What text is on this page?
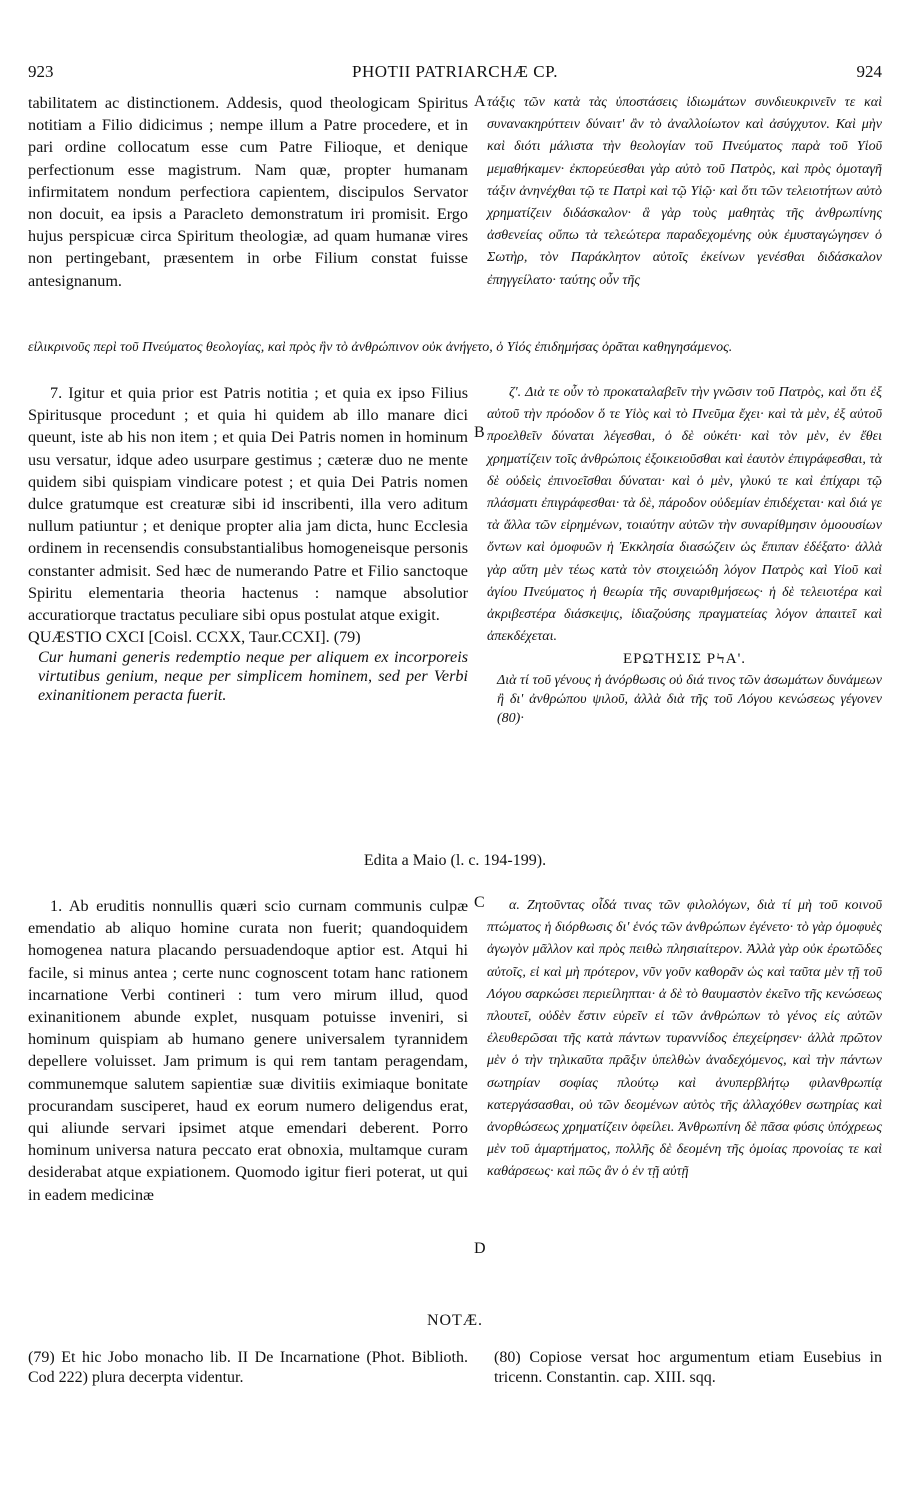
923	PHOTII PATRIARCHÆ CP.	924

tabilitatem ac distinctionem. Addesis, quod theologicam Spiritus notitiam a Filio didicimus ; nempe illum a Patre procedere, et in pari ordine collocatum esse cum Patre Filioque, et denique perfectionum esse magistrum. Nam quæ, propter humanam infirmitatem nondum perfectiora capientem, discipulos Servator non docuit, ea ipsis a Paracleto demonstratum iri promisit. Ergo hujus perspicuæ circa Spiritum theologiæ, ad quam humanæ vires non pertingebant, præsentem in orbe Filium constat fuisse antesignanum.

A τάξις τῶν κατὰ τὰς ὑποστάσεις ἰδιωμάτων συνδιευκρινεῖν τε καὶ συνανακηρύττειν δύναιτ' ἂν τὸ ἀναλλοίωτον καὶ ἀσύγχυτον. Καὶ μὴν καὶ διότι μάλιστα τὴν θεολογίαν τοῦ Πνεύματος παρὰ τοῦ Υἱοῦ μεμαθήκαμεν· ἐκπορεύεσθαι γὰρ αὐτὸ τοῦ Πατρὸς, καὶ πρὸς ὁμοταγῆ τάξιν ἀνηνέχθαι τῷ τε Πατρὶ καὶ τῷ Υἱῷ· καὶ ὅτι τῶν τελειοτήτων αὐτὸ χρηματίζειν διδάσκαλον· ἃ γὰρ τοὺς μαθητὰς τῆς ἀνθρωπίνης ἀσθενείας οὔπω τὰ τελεώτερα παραδεχομένης οὐκ ἐμυσταγώγησεν ὁ Σωτὴρ, τὸν Παράκλητον αὐτοῖς ἐκείνων γενέσθαι διδάσκαλον ἐπηγγείλατο· ταύτης οὖν τῆς

εἰλικρινοῦς περὶ τοῦ Πνεύματος θεολογίας, καὶ πρὸς ἣν τὸ ἀνθρώπινον οὐκ ἀνήγετο, ὁ Υἱός ἐπιδημήσας ὁρᾶται καθηγησάμενος.

7. Igitur et quia prior est Patris notitia ; et quia ex ipso Filius Spiritusque procedunt ; et quia hi quidem ab illo manare dici queunt, iste ab his non item ; et quia Dei Patris nomen in hominum usu versatur, idque adeo usurpare gestimus ; cæteræ duo ne mente quidem sibi quispiam vindicare potest ; et quia Dei Patris nomen dulce gratumque est creaturæ sibi id inscribenti, illa vero aditum nullum patiuntur ; et denique propter alia jam dicta, hunc Ecclesia ordinem in recensendis consubstantialibus homogeneisque personis constanter admisit. Sed hæc de numerando Patre et Filio sanctoque Spiritu elementaria theoria hactenus : namque absolutior accuratiorque tractatus peculiare sibi opus postulat atque exigit.

QUÆSTIO CXCI [Coisl. CCXX, Taur.CCXI]. (79)

Cur humani generis redemptio neque per aliquem ex incorporeis virtutibus genium, neque per simplicem hominem, sed per Verbi exinanitionem peracta fuerit.

B

ζ'. Διὰ τε οὖν τὸ προκαταλαβεῖν τὴν γνῶσιν τοῦ Πατρὸς, καὶ ὅτι ἐξ αὐτοῦ τὴν πρόοδον ὅ τε Υἱὸς καὶ τὸ Πνεῦμα ἔχει· καὶ τὰ μὲν, ἐξ αὐτοῦ προελθεῖν δύναται λέγεσθαι, ὁ δὲ οὐκέτι· καὶ τὸν μὲν, ἐν ἔθει χρηματίζειν τοῖς ἀνθρώποις ἐξοικειοῦσθαι καὶ ἑαυτὸν ἐπιγράφεσθαι, τὰ δὲ οὐδεὶς ἐπινοεῖσθαι δύναται· καὶ ὁ μὲν, γλυκύ τε καὶ ἐπίχαρι τῷ πλάσματι ἐπιγράφεσθαι· τὰ δὲ, πάροδον οὐδεμίαν ἐπιδέχεται· καὶ διά γε τὰ ἄλλα τῶν εἰρημένων, τοιαύτην αὐτῶν τὴν συναρίθμησιν ὁμοουσίων ὄντων καὶ ὁμοφυῶν ἡ Ἐκκλησία διασώζειν ὡς ἔπιπαν ἐδέξατο· ἀλλὰ γὰρ αὕτη μὲν τέως κατὰ τὸν στοιχειώδη λόγον Πατρὸς καὶ Υἱοῦ καὶ ἁγίου Πνεύματος ἡ θεωρία τῆς συναριθμήσεως· ἡ δὲ τελειοτέρα καὶ ἀκριβεστέρα διάσκεψις, ἰδιαζούσης πραγματείας λόγον ἀπαιτεῖ καὶ ἀπεκδέχεται.

ΕΡΩΤΗΣΙΣ ΡϞΑ'.

Διὰ τί τοῦ γένους ἡ ἀνόρθωσις οὐ διά τινος τῶν ἀσωμάτων δυνάμεων ἢ δι' ἀνθρώπου ψιλοῦ, ἀλλὰ διὰ τῆς τοῦ Λόγου κενώσεως γέγονεν (80)·

Edita a Maio (l. c. 194-199).

1. Ab eruditis nonnullis quæri scio curnam communis culpæ emendatio ab aliquo homine curata non fuerit; quandoquidem homogenea natura placando persuadendoque aptior est. Atqui hi facile, si minus antea ; certe nunc cognoscent totam hanc rationem incarnatione Verbi contineri : tum vero mirum illud, quod exinanitionem abunde explet, nusquam potuisse inveniri, si hominum quispiam ab humano genere universalem tyrannidem depellere voluisset. Jam primum is qui rem tantam peragendam, communemque salutem sapientiæ suæ divitiis eximiaque bonitate procurandam susciperet, haud ex eorum numero deligendus erat, qui aliunde servari ipsimet atque emendari deberent. Porro hominum universa natura peccato erat obnoxia, multamque curam desiderabat atque expiationem. Quomodo igitur fieri poterat, ut qui in eadem medicinæ

C
D

α. Ζητοῦντας οἶδά τινας τῶν φιλολόγων, διὰ τί μὴ τοῦ κοινοῦ πτώματος ἡ διόρθωσις δι' ἑνός τῶν ἀνθρώπων ἐγένετο· τὸ γὰρ ὁμοφυὲς ἀγωγὸν μᾶλλον καὶ πρὸς πειθὼ πλησιαίτερον. Ἀλλὰ γὰρ οὐκ ἐρωτῶδες αὐτοῖς, εἰ καὶ μὴ πρότερον, νῦν γοῦν καθορᾶν ὡς καὶ ταῦτα μὲν τῇ τοῦ Λόγου σαρκώσει περιείληπται· ἀ δὲ τὸ θαυμαστὸν ἐκεῖνο τῆς κενώσεως πλουτεῖ, οὐδὲν ἔστιν εὑρεῖν εἰ τῶν ἀνθρώπων τὸ γένος εἰς αὐτῶν ἐλευθερῶσαι τῆς κατὰ πάντων τυραννίδος ἐπεχείρησεν· ἀλλὰ πρῶτον μὲν ὁ τὴν τηλικαῦτα πρᾶξιν ὑπελθὼν ἀναδεχόμενος, καὶ τὴν πάντων σωτηρίαν σοφίας πλούτῳ καὶ ἀνυπερβλήτῳ φιλανθρωπίᾳ κατεργάσασθαι, οὐ τῶν δεομένων αὐτὸς τῆς ἀλλαχόθεν σωτηρίας καὶ ἀνορθώσεως χρηματίζειν ὀφείλει. Ἀνθρωπίνη δὲ πᾶσα φύσις ὑπόχρεως μὲν τοῦ ἁμαρτήματος, πολλῆς δὲ δεομένη τῆς ὁμοίας προνοίας τε καὶ καθάρσεως· καὶ πῶς ἂν ὁ ἐν τῇ αὐτῇ

NOTÆ.
(79) Et hic Jobo monacho lib. II De Incarnatione (Phot. Biblioth. Cod 222) plura decerpta videntur.
(80) Copiose versat hoc argumentum etiam Eusebius in tricenn. Constantin. cap. XIII. sqq.
